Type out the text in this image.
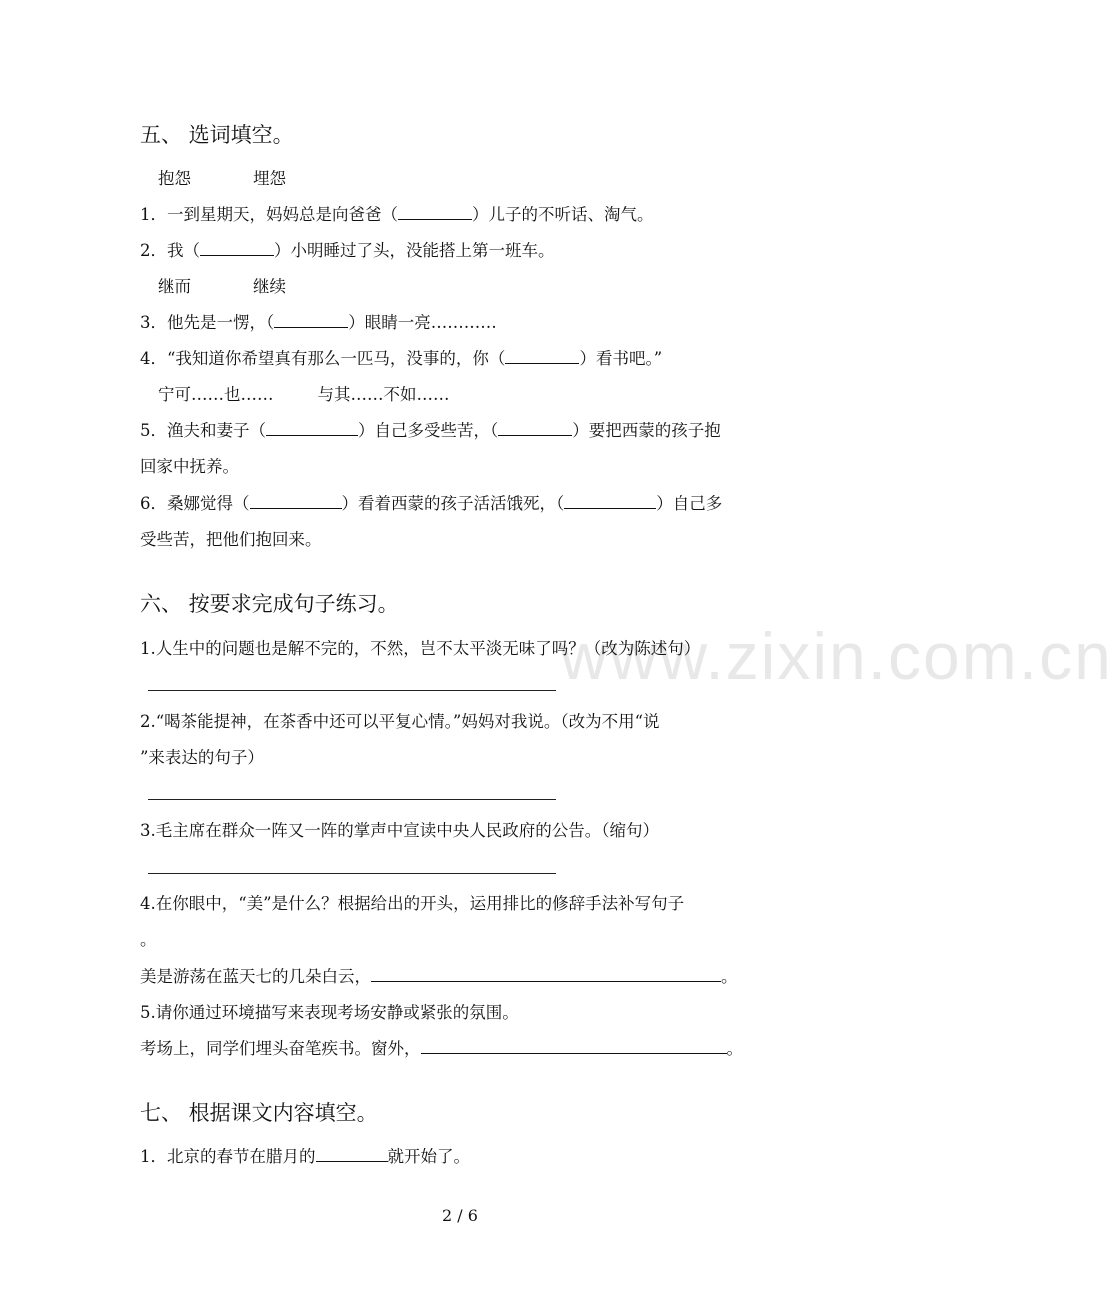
www.zixin.com.cn
五、 选词填空。
抱怨	埋怨
1．一到星期天，妈妈总是向爸爸（	）儿子的不听话、淘气。
2．我（	）小明睡过了头，没能搭上第一班车。
继而	继续
3．他先是一愣，（	）眼睛一亮…………
4．“我知道你希望真有那么一匹马，没事的，你（	）看书吧。”
宁可……也……	与其……不如……
5．渔夫和妻子（	）自己多受些苦，（	）要把西蒙的孩子抱
回家中抚养。
6．桑娜觉得（	）看着西蒙的孩子活活饿死，（	）自己多
受些苦，把他们抱回来。
六、 按要求完成句子练习。
1.人生中的问题也是解不完的，不然，岂不太平淡无味了吗？（改为陈述句）
2.“喝茶能提神，在茶香中还可以平复心情。”妈妈对我说。（改为不用“说
”来表达的句子）
3.毛主席在群众一阵又一阵的掌声中宣读中央人民政府的公告。（缩句）
4.在你眼中，“美”是什么？根据给出的开头，运用排比的修辞手法补写句子
。
美是游荡在蓝天七的几朵白云，	。
5.请你通过环境描写来表现考场安静或紧张的氛围。
考场上，同学们埋头奋笔疾书。窗外，	。
七、 根据课文内容填空。
1．北京的春节在腊月的	就开始了。
2 / 6
